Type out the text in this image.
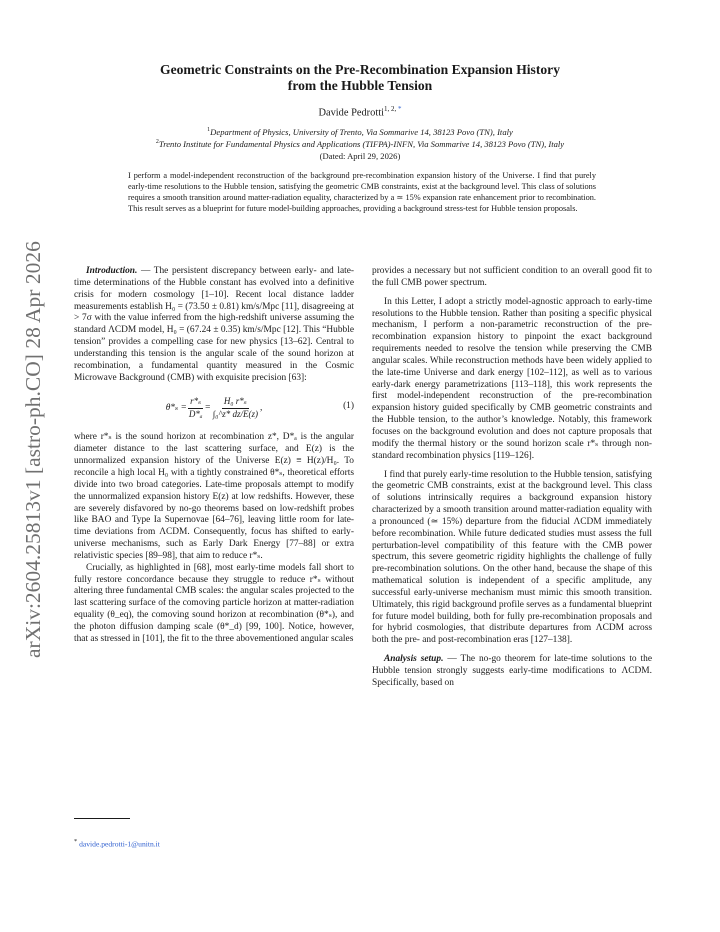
arXiv:2604.25813v1 [astro-ph.CO] 28 Apr 2026
Geometric Constraints on the Pre-Recombination Expansion History
from the Hubble Tension
Davide Pedrotti$^{1, 2,}$ *
$^1$Department of Physics, University of Trento, Via Sommarive 14, 38123 Povo (TN), Italy
$^2$Trento Institute for Fundamental Physics and Applications (TIFPA)-INFN, Via Sommarive 14, 38123 Povo (TN), Italy
(Dated: April 29, 2026)
I perform a model-independent reconstruction of the background pre-recombination expansion history of the Universe. I find that purely early-time resolutions to the Hubble tension, satisfying the geometric CMB constraints, exist at the background level. This class of solutions requires a smooth transition around matter-radiation equality, characterized by a ≃ 15% expansion rate enhancement prior to recombination. This result serves as a blueprint for future model-building approaches, providing a background stress-test for Hubble tension proposals.

Introduction. — The persistent discrepancy between early- and late-time determinations of the Hubble constant has evolved into a definitive crisis for modern cosmology [1–10]. Recent local distance ladder measurements establish H₀ = (73.50 ± 0.81) km/s/Mpc [11], disagreeing at > 7σ with the value inferred from the high-redshift universe assuming the standard ΛCDM model, H₀ = (67.24 ± 0.35) km/s/Mpc [12]. This “Hubble tension” provides a compelling case for new physics [13–62]. Central to understanding this tension is the angular scale of the sound horizon at recombination, a fundamental quantity measured in the Cosmic Microwave Background (CMB) with exquisite precision [63]:

$\theta*_s = \frac{\text{r*ₛ}}{\text{D*ₐ}} = \frac{\text{H₀ r*ₛ}}{\text{∫₀\textasciicircum{}z* dz/E(z)}}$ ,	(1)

where r*ₛ is the sound horizon at recombination z*, D*ₐ is the angular diameter distance to the last scattering surface, and E(z) is the unnormalized expansion history of the Universe E(z) ≡ H(z)/H₀. To reconcile a high local H₀ with a tightly constrained θ*ₛ, theoretical efforts divide into two broad categories. Late-time proposals attempt to modify the unnormalized expansion history E(z) at low redshifts. However, these are severely disfavored by no-go theorems based on low-redshift probes like BAO and Type Ia Supernovae [64–76], leaving little room for late-time deviations from ΛCDM. Consequently, focus has shifted to early-universe mechanisms, such as Early Dark Energy [77–88] or extra relativistic species [89–98], that aim to reduce r*ₛ.

Crucially, as highlighted in [68], most early-time models fall short to fully restore concordance because they struggle to reduce r*ₛ without altering three fundamental CMB scales: the angular scales projected to the last scattering surface of the comoving particle horizon at matter-radiation equality (θ_eq), the comoving sound horizon at recombination (θ*ₛ), and the photon diffusion damping scale (θ*_d) [99, 100]. Notice, however, that as stressed in [101], the fit to the three abovementioned angular scales

provides a necessary but not sufficient condition to an overall good fit to the full CMB power spectrum.

In this Letter, I adopt a strictly model-agnostic approach to early-time resolutions to the Hubble tension. Rather than positing a specific physical mechanism, I perform a non-parametric reconstruction of the pre-recombination expansion history to pinpoint the exact background requirements needed to resolve the tension while preserving the CMB angular scales. While reconstruction methods have been widely applied to the late-time Universe and dark energy [102–112], as well as to various early-dark energy parametrizations [113–118], this work represents the first model-independent reconstruction of the pre-recombination expansion history guided specifically by CMB geometric constraints and the Hubble tension, to the author’s knowledge. Notably, this framework focuses on the background evolution and does not capture proposals that modify the thermal history or the sound horizon scale r*ₛ through non-standard recombination physics [119–126].

I find that purely early-time resolution to the Hubble tension, satisfying the geometric CMB constraints, exist at the background level. This class of solutions intrinsically requires a background expansion history characterized by a smooth transition around matter-radiation equality with a pronounced (≃ 15%) departure from the fiducial ΛCDM immediately before recombination. While future dedicated studies must assess the full perturbation-level compatibility of this feature with the CMB power spectrum, this severe geometric rigidity highlights the challenge of fully pre-recombination solutions. On the other hand, because the shape of this mathematical solution is independent of a specific amplitude, any successful early-universe mechanism must mimic this smooth transition. Ultimately, this rigid background profile serves as a fundamental blueprint for future model building, both for fully pre-recombination proposals and for hybrid cosmologies, that distribute departures from ΛCDM across both the pre- and post-recombination eras [127–138].

Analysis setup. — The no-go theorem for late-time solutions to the Hubble tension strongly suggests early-time modifications to ΛCDM. Specifically, based on

* davide.pedrotti-1@unitn.it
